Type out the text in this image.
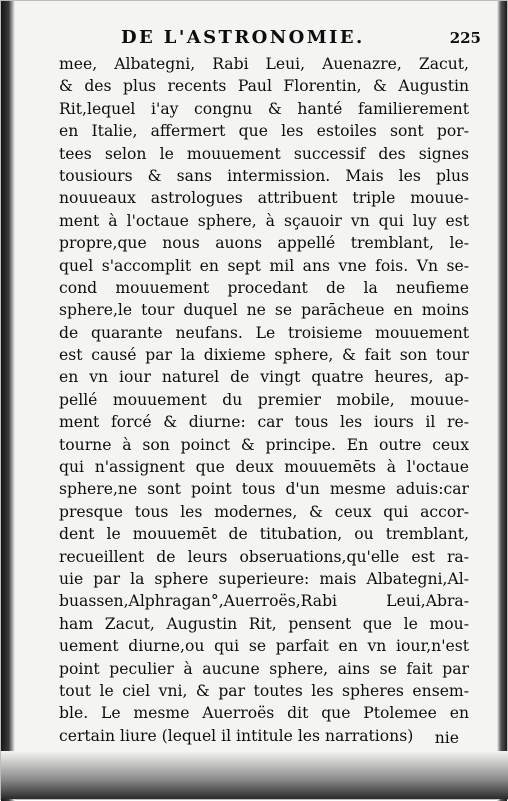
DE L'ASTRONOMIE.	225
mee, Albategni, Rabi Leui, Auenazre, Zacut,
& des plus recents Paul Florentin, & Augustin
Rit,lequel i'ay congnu & hanté familierement
en Italie, affermert que les estoiles sont por-
tees selon le mouuement successif des signes
tousiours & sans intermission. Mais les plus
nouueaux astrologues attribuent triple mouue-
ment à l'octaue sphere, à sçauoir vn qui luy est
propre,que nous auons appellé tremblant, le-
quel s'accomplit en sept mil ans vne fois. Vn se-
cond mouuement procedant de la neufieme
sphere,le tour duquel ne se parācheue en moins
de quarante neufans. Le troisieme mouuement
est causé par la dixieme sphere, & fait son tour
en vn iour naturel de vingt quatre heures, ap-
pellé mouuement du premier mobile, mouue-
ment forcé & diurne: car tous les iours il re-
tourne à son poinct & principe. En outre ceux
qui n'assignent que deux mouuemēts à l'octaue
sphere,ne sont point tous d'un mesme aduis:car
presque tous les modernes, & ceux qui accor-
dent le mouuemēt de titubation, ou tremblant,
recueillent de leurs obseruations,qu'elle est ra-
uie par la sphere superieure: mais Albategni,Al-
buassen,Alphragan°,Auerroës,Rabi Leui,Abra-
ham Zacut, Augustin Rit, pensent que le mou-
uement diurne,ou qui se parfait en vn iour,n'est
point peculier à aucune sphere, ains se fait par
tout le ciel vni, & par toutes les spheres ensem-
ble. Le mesme Auerroës dit que Ptolemee en
certain liure (lequel il intitule les narrations)	nie
